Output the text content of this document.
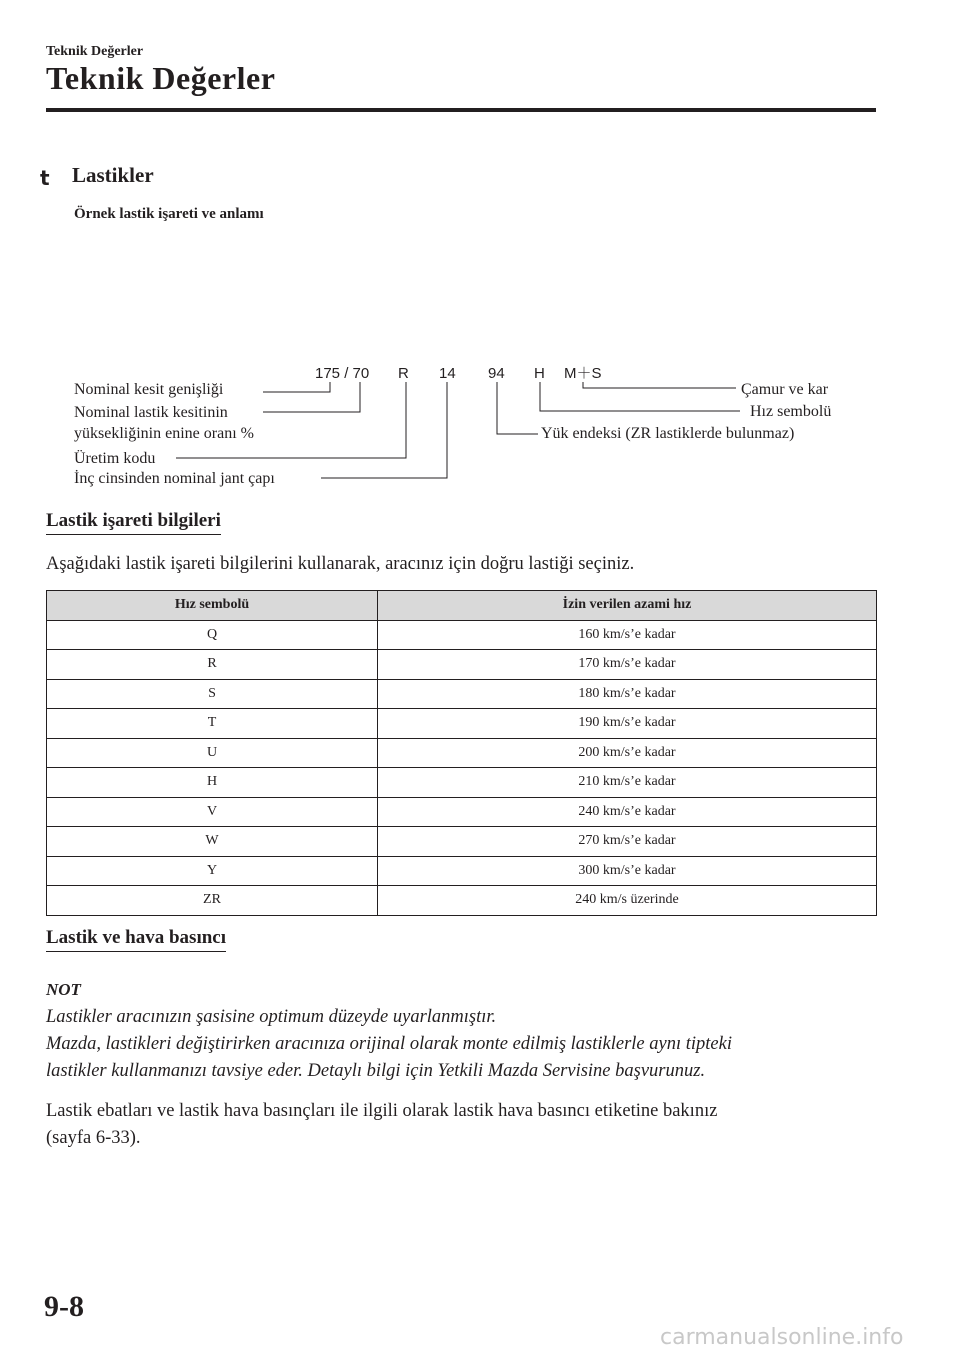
Teknik Değerler
Teknik Değerler
t Lastikler
Örnek lastik işareti ve anlamı
175 / 70 R 14 94 H M＋S
Nominal kesit genişliği
Nominal lastik kesitinin
yüksekliğinin enine oranı %
Üretim kodu
İnç cinsinden nominal jant çapı
Çamur ve kar
Hız sembolü
Yük endeksi (ZR lastiklerde bulunmaz)
Lastik işareti bilgileri
Aşağıdaki lastik işareti bilgilerini kullanarak, aracınız için doğru lastiği seçiniz.
Hız sembolü	İzin verilen azami hız
Q	160 km/s’e kadar
R	170 km/s’e kadar
S	180 km/s’e kadar
T	190 km/s’e kadar
U	200 km/s’e kadar
H	210 km/s’e kadar
V	240 km/s’e kadar
W	270 km/s’e kadar
Y	300 km/s’e kadar
ZR	240 km/s üzerinde
Lastik ve hava basıncı
NOT
Lastikler aracınızın şasisine optimum düzeyde uyarlanmıştır.
Mazda, lastikleri değiştirirken aracınıza orijinal olarak monte edilmiş lastiklerle aynı tipteki
lastikler kullanmanızı tavsiye eder. Detaylı bilgi için Yetkili Mazda Servisine başvurunuz.
Lastik ebatları ve lastik hava basınçları ile ilgili olarak lastik hava basıncı etiketine bakınız
(sayfa 6-33).
9-8
carmanualsonline.info
